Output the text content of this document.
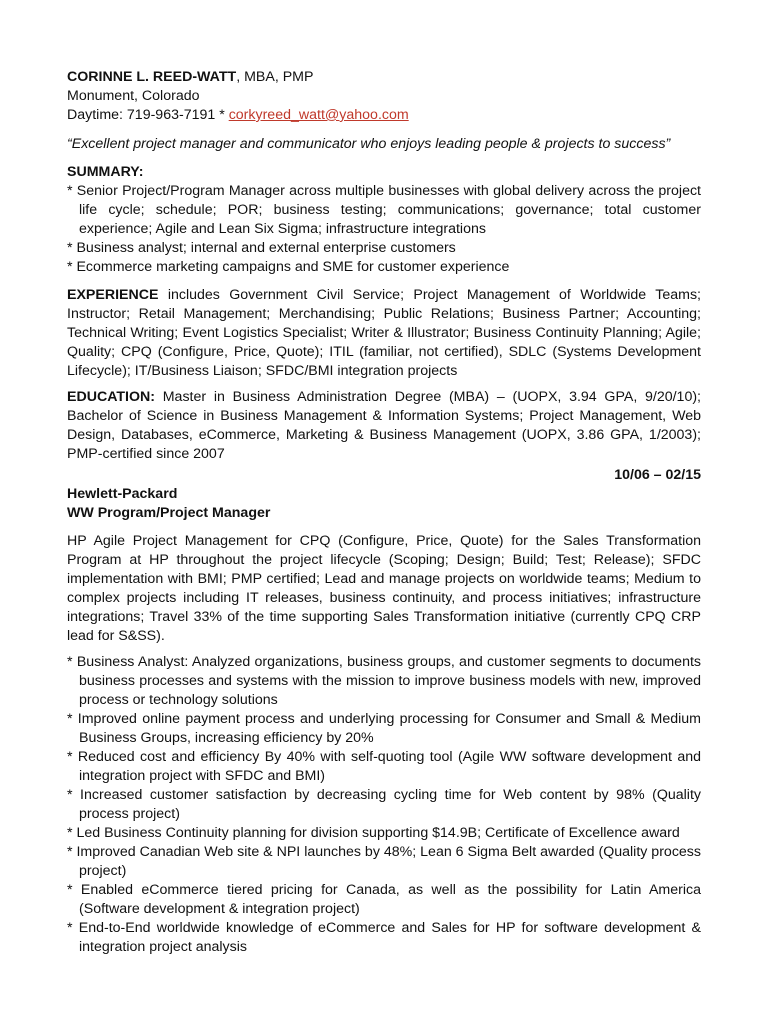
CORINNE L. REED-WATT, MBA, PMP

Monument, Colorado

Daytime: 719-963-7191 * corkyreed_watt@yahoo.com

“Excellent project manager and communicator who enjoys leading people & projects to success”

SUMMARY:

* Senior Project/Program Manager across multiple businesses with global delivery across the project life cycle; schedule; POR; business testing; communications; governance; total customer experience; Agile and Lean Six Sigma; infrastructure integrations

* Business analyst; internal and external enterprise customers

* Ecommerce marketing campaigns and SME for customer experience

EXPERIENCE includes Government Civil Service; Project Management of Worldwide Teams; Instructor; Retail Management; Merchandising; Public Relations; Business Partner; Accounting; Technical Writing; Event Logistics Specialist; Writer & Illustrator; Business Continuity Planning; Agile; Quality; CPQ (Configure, Price, Quote); ITIL (familiar, not certified), SDLC (Systems Development Lifecycle); IT/Business Liaison; SFDC/BMI integration projects

EDUCATION: Master in Business Administration Degree (MBA) – (UOPX, 3.94 GPA, 9/20/10); Bachelor of Science in Business Management & Information Systems; Project Management, Web Design, Databases, eCommerce, Marketing & Business Management (UOPX, 3.86 GPA, 1/2003); PMP-certified since 2007

10/06 – 02/15

Hewlett-Packard

WW Program/Project Manager

HP Agile Project Management for CPQ (Configure, Price, Quote) for the Sales Transformation Program at HP throughout the project lifecycle (Scoping; Design; Build; Test; Release); SFDC implementation with BMI; PMP certified; Lead and manage projects on worldwide teams; Medium to complex projects including IT releases, business continuity, and process initiatives; infrastructure integrations; Travel 33% of the time supporting Sales Transformation initiative (currently CPQ CRP lead for S&SS).

* Business Analyst: Analyzed organizations, business groups, and customer segments to documents business processes and systems with the mission to improve business models with new, improved process or technology solutions

* Improved online payment process and underlying processing for Consumer and Small & Medium Business Groups, increasing efficiency by 20%

* Reduced cost and efficiency By 40% with self-quoting tool (Agile WW software development and integration project with SFDC and BMI)

* Increased customer satisfaction by decreasing cycling time for Web content by 98% (Quality process project)

* Led Business Continuity planning for division supporting $14.9B; Certificate of Excellence award

* Improved Canadian Web site & NPI launches by 48%; Lean 6 Sigma Belt awarded (Quality process project)

* Enabled eCommerce tiered pricing for Canada, as well as the possibility for Latin America (Software development & integration project)

* End-to-End worldwide knowledge of eCommerce and Sales for HP for software development & integration project analysis
